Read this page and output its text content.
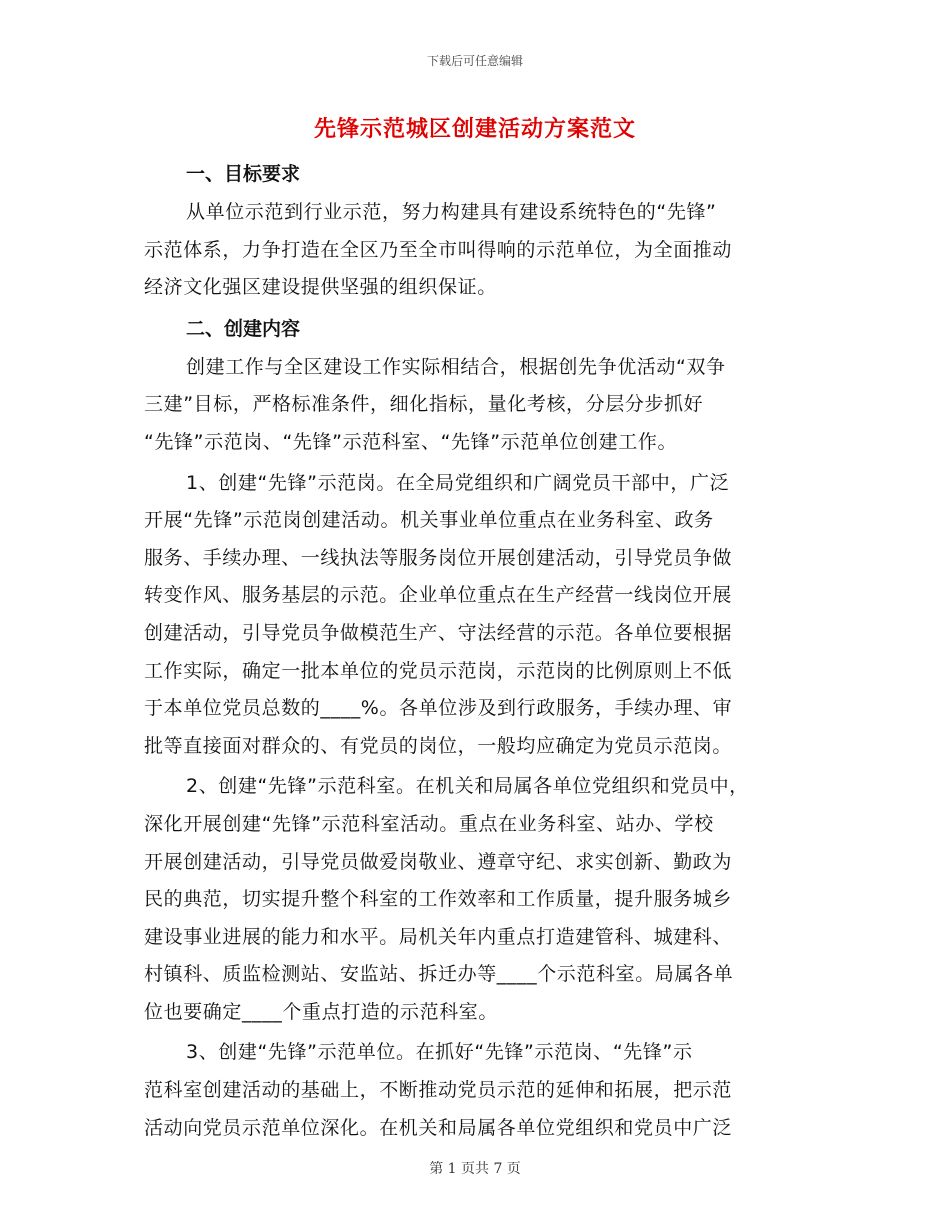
下载后可任意编辑
先锋示范城区创建活动方案范文
一、目标要求
从单位示范到行业示范，努力构建具有建设系统特色的“先锋”
示范体系，力争打造在全区乃至全市叫得响的示范单位，为全面推动
经济文化强区建设提供坚强的组织保证。
二、创建内容
创建工作与全区建设工作实际相结合，根据创先争优活动“双争
三建”目标，严格标准条件，细化指标，量化考核，分层分步抓好
“先锋”示范岗、“先锋”示范科室、“先锋”示范单位创建工作。
1、创建“先锋”示范岗。在全局党组织和广阔党员干部中，广泛
开展“先锋”示范岗创建活动。机关事业单位重点在业务科室、政务
服务、手续办理、一线执法等服务岗位开展创建活动，引导党员争做
转变作风、服务基层的示范。企业单位重点在生产经营一线岗位开展
创建活动，引导党员争做模范生产、守法经营的示范。各单位要根据
工作实际，确定一批本单位的党员示范岗，示范岗的比例原则上不低
于本单位党员总数的____%。各单位涉及到行政服务，手续办理、审
批等直接面对群众的、有党员的岗位，一般均应确定为党员示范岗。
2、创建“先锋”示范科室。在机关和局属各单位党组织和党员中，
深化开展创建“先锋”示范科室活动。重点在业务科室、站办、学校
开展创建活动，引导党员做爱岗敬业、遵章守纪、求实创新、勤政为
民的典范，切实提升整个科室的工作效率和工作质量，提升服务城乡
建设事业进展的能力和水平。局机关年内重点打造建管科、城建科、
村镇科、质监检测站、安监站、拆迁办等____个示范科室。局属各单
位也要确定____个重点打造的示范科室。
3、创建“先锋”示范单位。在抓好“先锋”示范岗、“先锋”示
范科室创建活动的基础上，不断推动党员示范的延伸和拓展，把示范
活动向党员示范单位深化。在机关和局属各单位党组织和党员中广泛
第 1 页共 7 页
